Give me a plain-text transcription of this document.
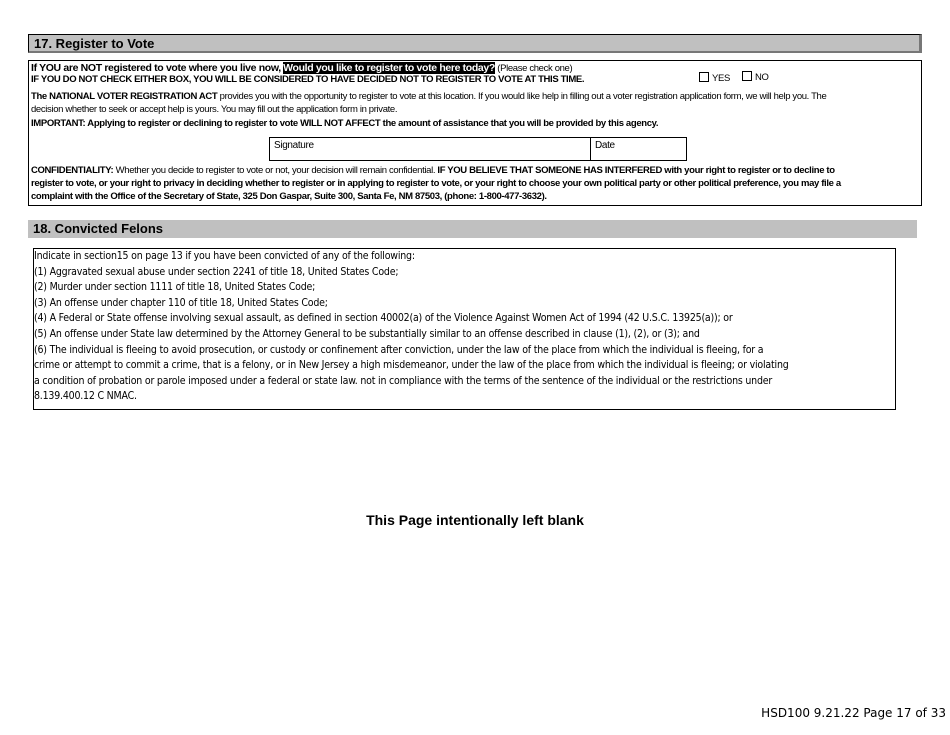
17. Register to Vote
If YOU are NOT registered to vote where you live now, Would you like to register to vote here today? (Please check one)
IF YOU DO NOT CHECK EITHER BOX, YOU WILL BE CONSIDERED TO HAVE DECIDED NOT TO REGISTER TO VOTE AT THIS TIME.	YES	NO
The NATIONAL VOTER REGISTRATION ACT provides you with the opportunity to register to vote at this location. If you would like help in filling out a voter registration application form, we will help you. The
decision whether to seek or accept help is yours. You may fill out the application form in private.
IMPORTANT: Applying to register or declining to register to vote WILL NOT AFFECT the amount of assistance that you will be provided by this agency.
Signature	Date
CONFIDENTIALITY: Whether you decide to register to vote or not, your decision will remain confidential. IF YOU BELIEVE THAT SOMEONE HAS INTERFERED with your right to register or to decline to
register to vote, or your right to privacy in deciding whether to register or in applying to register to vote, or your right to choose your own political party or other political preference, you may file a
complaint with the Office of the Secretary of State, 325 Don Gaspar, Suite 300, Santa Fe, NM 87503, (phone: 1-800-477-3632).
18. Convicted Felons
Indicate in section15 on page 13 if you have been convicted of any of the following:
(1) Aggravated sexual abuse under section 2241 of title 18, United States Code;
(2) Murder under section 1111 of title 18, United States Code;
(3) An offense under chapter 110 of title 18, United States Code;
(4) A Federal or State offense involving sexual assault, as defined in section 40002(a) of the Violence Against Women Act of 1994 (42 U.S.C. 13925(a)); or
(5) An offense under State law determined by the Attorney General to be substantially similar to an offense described in clause (1), (2), or (3); and
(6) The individual is fleeing to avoid prosecution, or custody or confinement after conviction, under the law of the place from which the individual is fleeing, for a
crime or attempt to commit a crime, that is a felony, or in New Jersey a high misdemeanor, under the law of the place from which the individual is fleeing; or violating
a condition of probation or parole imposed under a federal or state law. not in compliance with the terms of the sentence of the individual or the restrictions under
8.139.400.12 C NMAC.
This Page intentionally left blank
HSD100 9.21.22 Page 17 of 33
